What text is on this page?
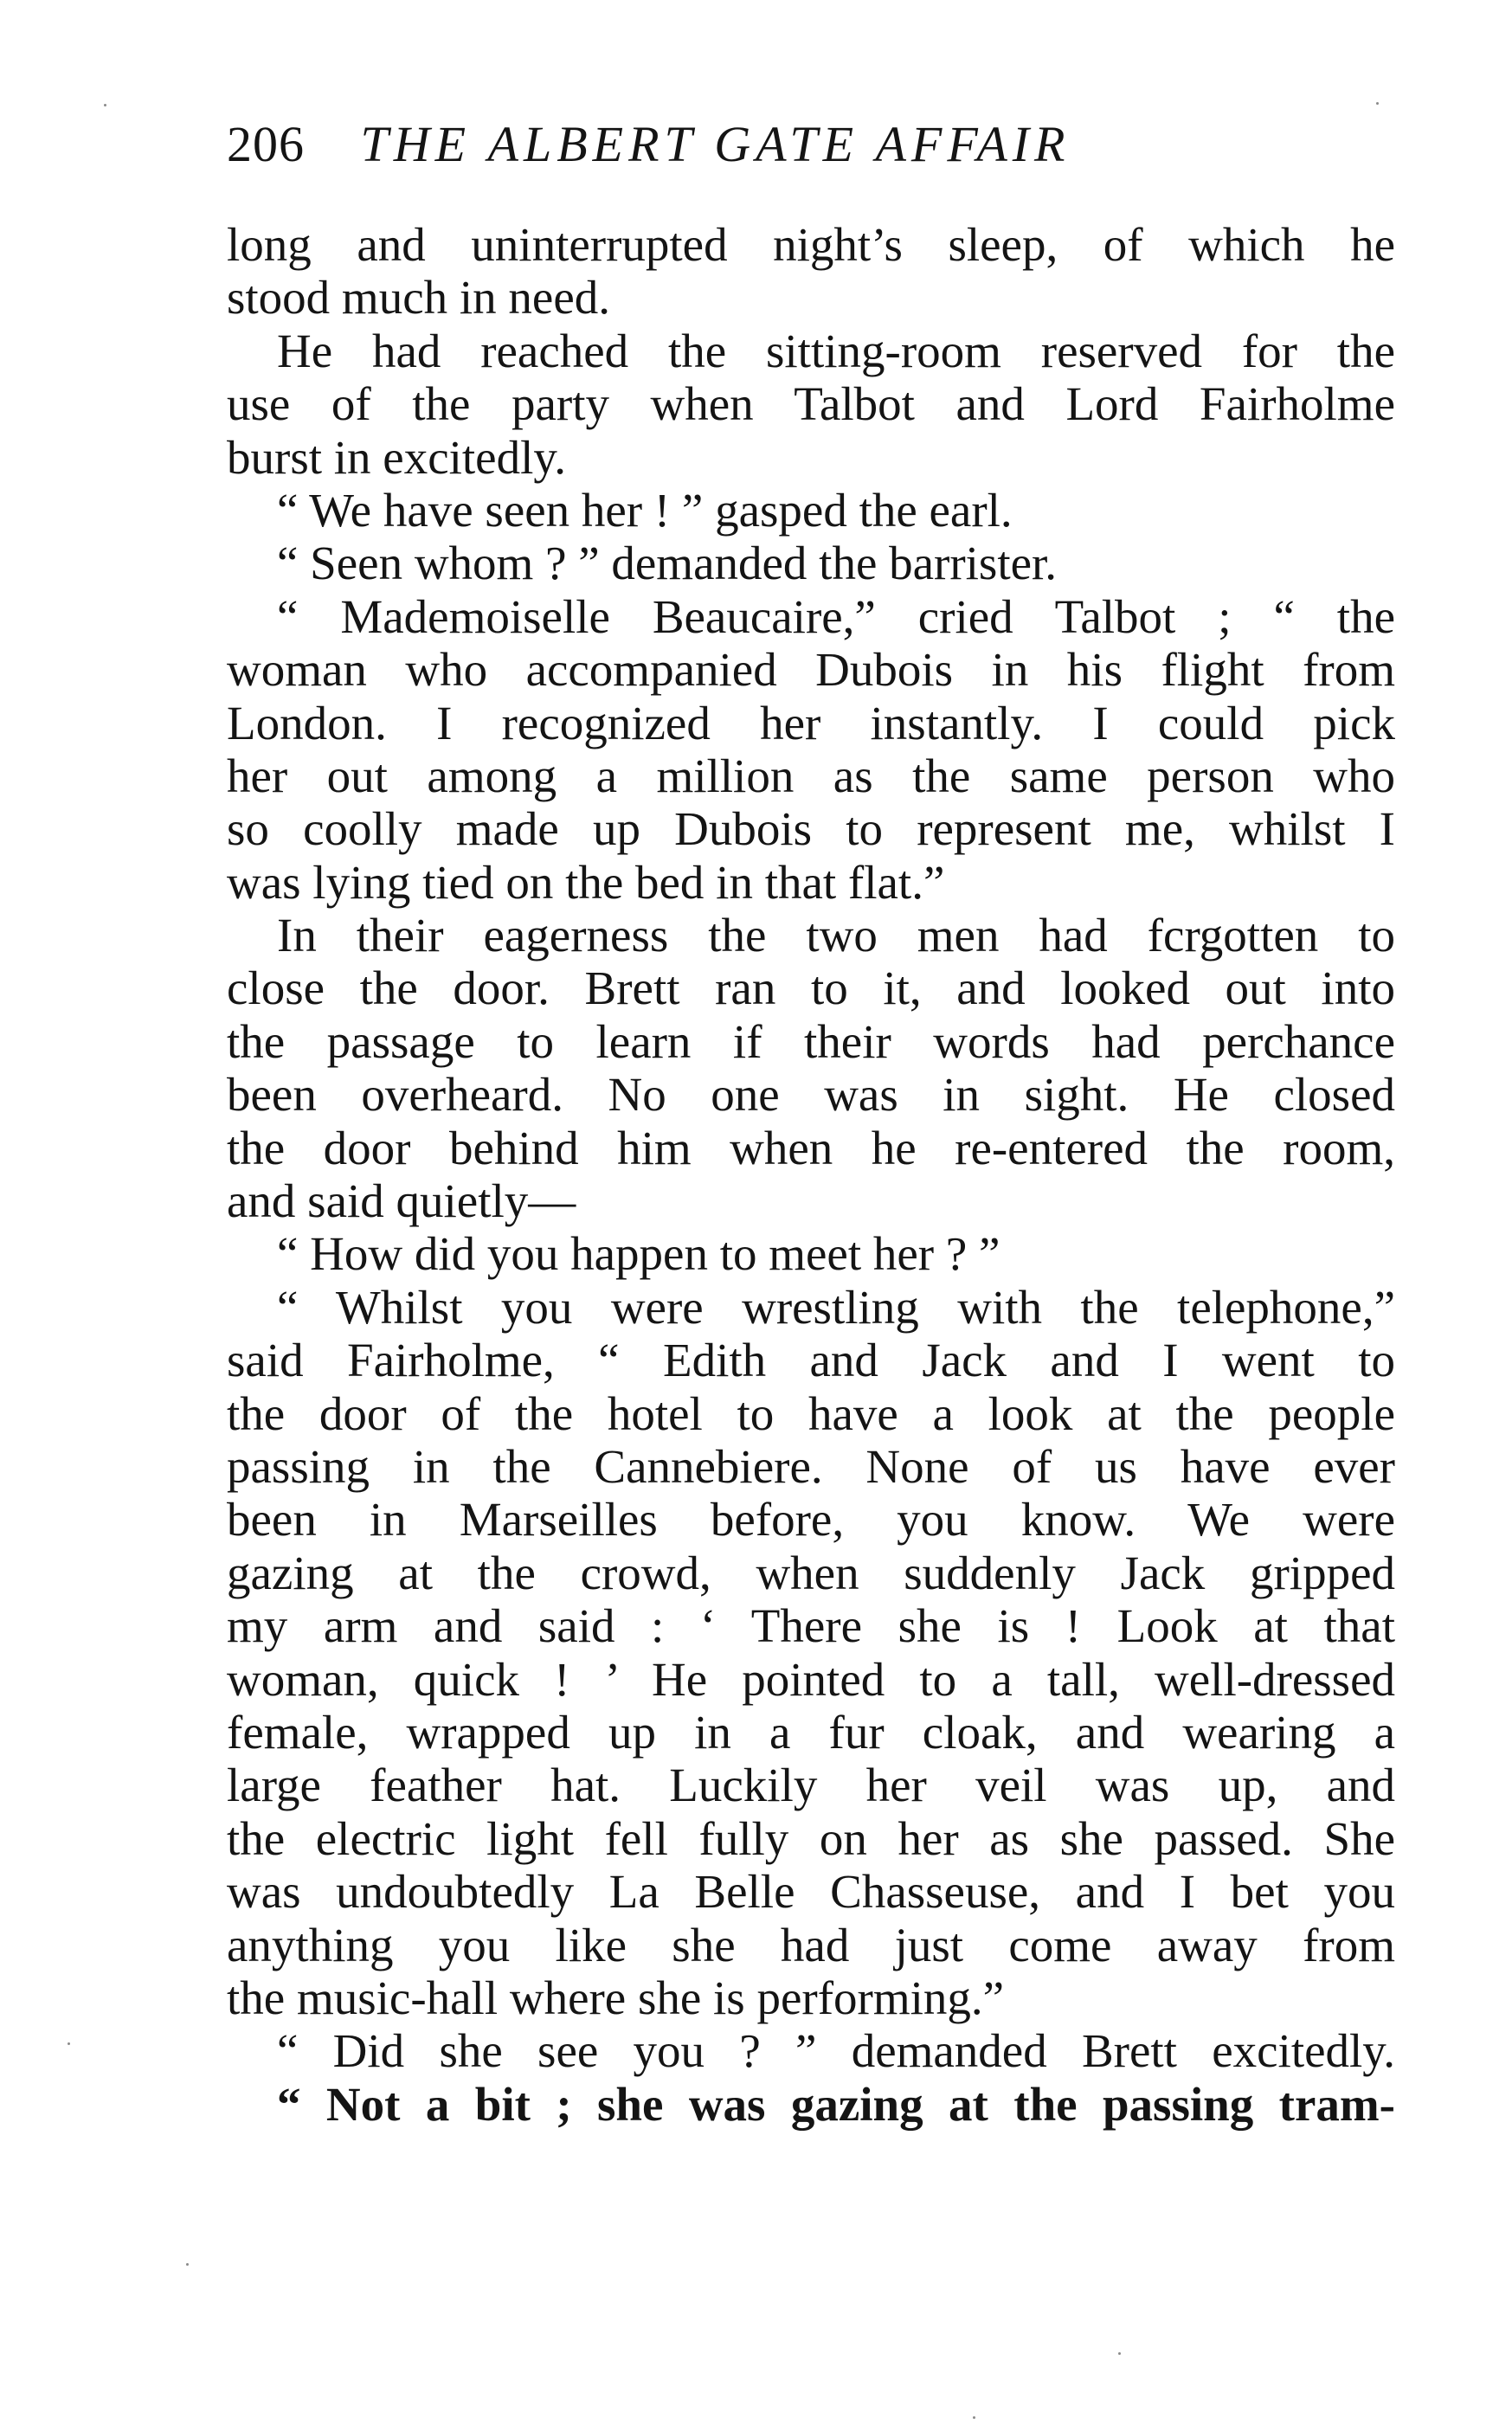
206 THE ALBERT GATE AFFAIR
long and uninterrupted night’s sleep, of which he
stood much in need.
He had reached the sitting-room reserved for the
use of the party when Talbot and Lord Fairholme
burst in excitedly.
“ We have seen her ! ” gasped the earl.
“ Seen whom ? ” demanded the barrister.
“ Mademoiselle Beaucaire,” cried Talbot ; “ the
woman who accompanied Dubois in his flight from
London. I recognized her instantly. I could pick
her out among a million as the same person who
so coolly made up Dubois to represent me, whilst I
was lying tied on the bed in that flat.”
In their eagerness the two men had fcrgotten to
close the door. Brett ran to it, and looked out into
the passage to learn if their words had perchance
been overheard. No one was in sight. He closed
the door behind him when he re-entered the room,
and said quietly—
“ How did you happen to meet her ? ”
“ Whilst you were wrestling with the telephone,”
said Fairholme, “ Edith and Jack and I went to
the door of the hotel to have a look at the people
passing in the Cannebiere. None of us have ever
been in Marseilles before, you know. We were
gazing at the crowd, when suddenly Jack gripped
my arm and said : ‘ There she is ! Look at that
woman, quick ! ’ He pointed to a tall, well-dressed
female, wrapped up in a fur cloak, and wearing a
large feather hat. Luckily her veil was up, and
the electric light fell fully on her as she passed. She
was undoubtedly La Belle Chasseuse, and I bet you
anything you like she had just come away from
the music-hall where she is performing.”
“ Did she see you ? ” demanded Brett excitedly.
“ Not a bit ; she was gazing at the passing tram-
